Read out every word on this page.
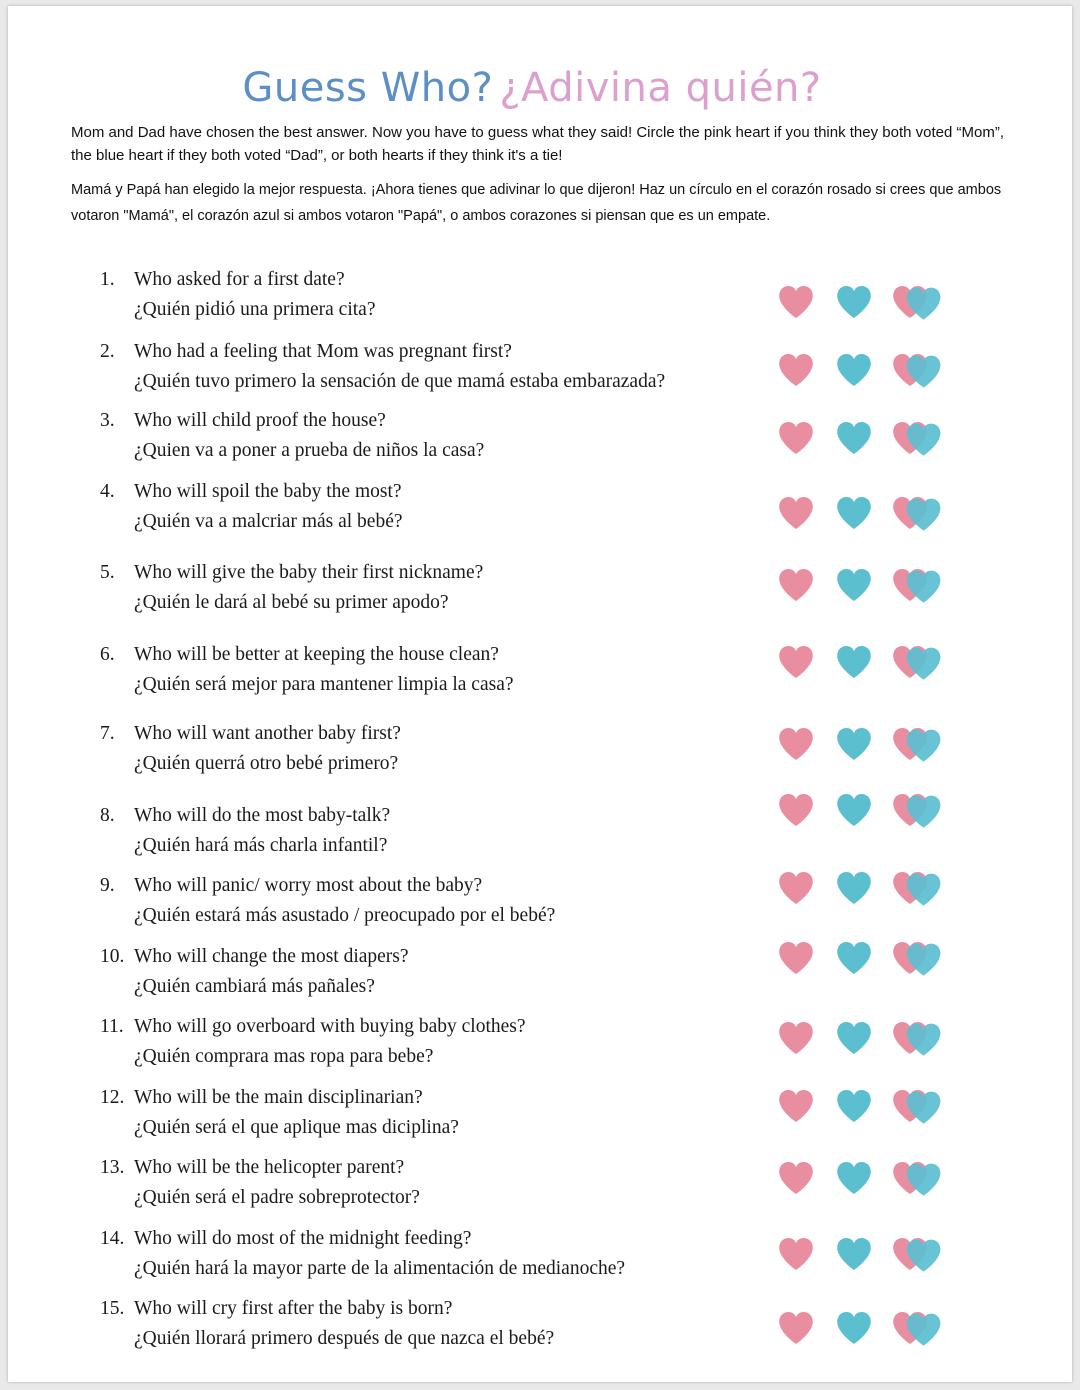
Guess Who? ¿Adivina quién?
Mom and Dad have chosen the best answer. Now you have to guess what they said! Circle the pink heart if you think they both voted “Mom”, the blue heart if they both voted “Dad”, or both hearts if they think it's a tie!
Mamá y Papá han elegido la mejor respuesta. ¡Ahora tienes que adivinar lo que dijeron! Haz un círculo en el corazón rosado si crees que ambos votaron "Mamá", el corazón azul si ambos votaron "Papá", o ambos corazones si piensan que es un empate.
1. Who asked for a first date?
¿Quién pidió una primera cita?
2. Who had a feeling that Mom was pregnant first?
¿Quién tuvo primero la sensación de que mamá estaba embarazada?
3. Who will child proof the house?
¿Quien va a poner a prueba de niños la casa?
4. Who will spoil the baby the most?
¿Quién va a malcriar más al bebé?
5. Who will give the baby their first nickname?
¿Quién le dará al bebé su primer apodo?
6. Who will be better at keeping the house clean?
¿Quién será mejor para mantener limpia la casa?
7. Who will want another baby first?
¿Quién querrá otro bebé primero?
8. Who will do the most baby-talk?
¿Quién hará más charla infantil?
9. Who will panic/ worry most about the baby?
¿Quién estará más asustado / preocupado por el bebé?
10. Who will change the most diapers?
¿Quién cambiará más pañales?
11. Who will go overboard with buying baby clothes?
¿Quién comprara mas ropa para bebe?
12. Who will be the main disciplinarian?
¿Quién será el que aplique mas diciplina?
13. Who will be the helicopter parent?
¿Quién será el padre sobreprotector?
14. Who will do most of the midnight feeding?
¿Quién hará la mayor parte de la alimentación de medianoche?
15. Who will cry first after the baby is born?
¿Quién llorará primero después de que nazca el bebé?
